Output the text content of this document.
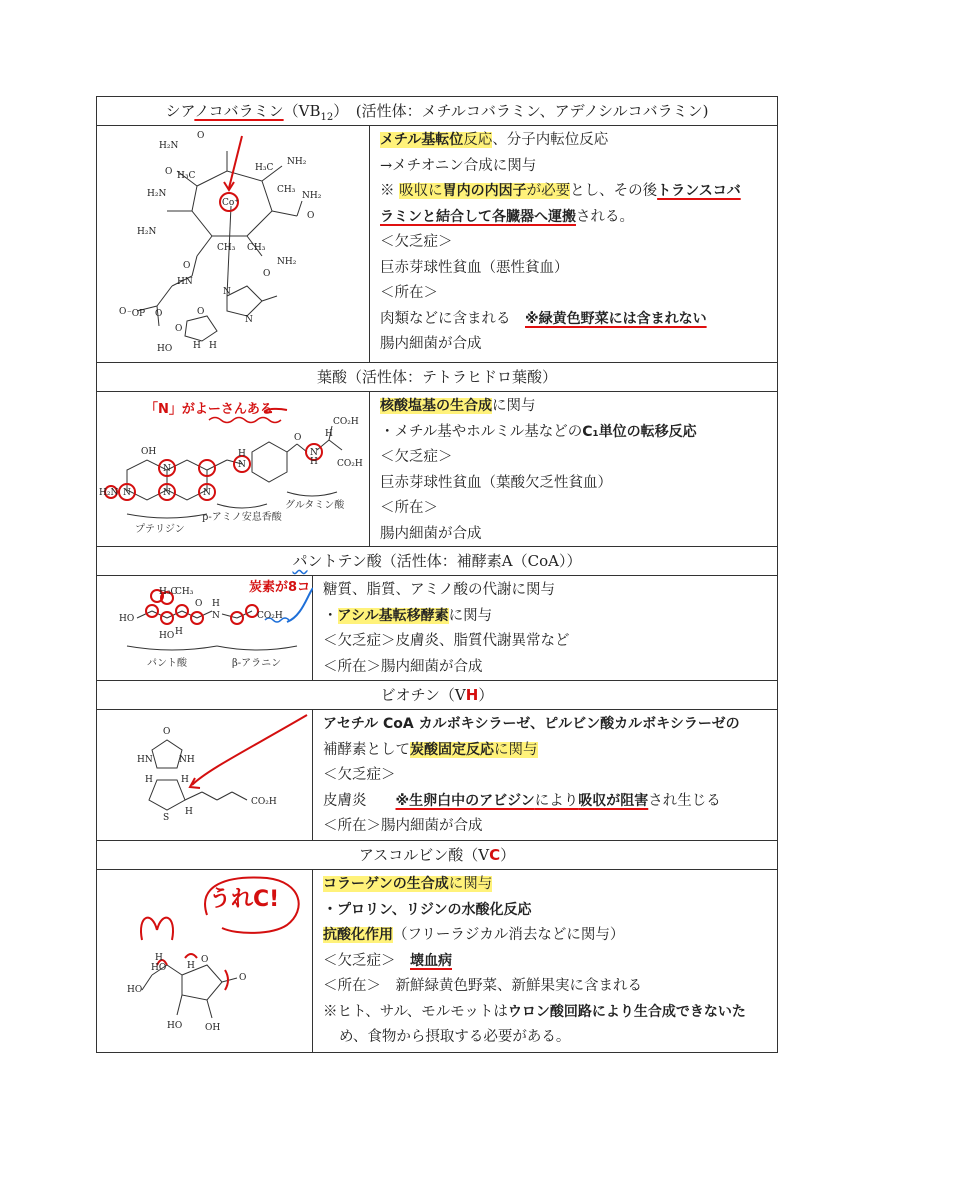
シアノコバラミン$(VB_{12})$　(活性体：メチルコバラミン、アデノシルコバラミン)
H₂N
O
NH₂
H₂N
O H₃C
H₃C
CH₃
Co⁺
NH₂
O
H₂N
CH₃ CH₃
NH₂
O
HN
O ⁻O P O
N
N
O
HO	H
H
O
O
メチル基転位反応、分子内転位反応
→メチオニン合成に関与
※ 吸収に胃内の内因子が必要とし、その後トランスコバ
ラミンと結合して各臓器へ運搬される。
＜欠乏症＞
巨赤芽球性貧血（悪性貧血）
＜所在＞
肉類などに含まれる　※緑黄色野菜には含まれない
腸内細菌が合成
葉酸（活性体：テトラヒドロ葉酸）
「N」がよーさんある
OH
N
N	N	N
H₂N
H
N
O
H
N
H
CO₂H
CO₂H
プテリジン
p-アミノ安息香酸
グルタミン酸
核酸塩基の生合成に関与
・メチル基やホルミル基などのC₁単位の転移反応
＜欠乏症＞
巨赤芽球性貧血（葉酸欠乏性貧血）
＜所在＞
腸内細菌が合成
パントテン酸（活性体：補酵素A（CoA））
炭素が8コ
HO
H₃C
CH₃
O H
N	CO₂H
HO H
パント酸	β-アラニン
糖質、脂質、アミノ酸の代謝に関与
・アシル基転移酵素に関与
＜欠乏症＞皮膚炎、脂質代謝異常など
＜所在＞腸内細菌が合成
ビオチン（VH）
O
HN	NH
H	H
S
H
CO₂H
アセチル CoA カルボキシラーゼ、ピルビン酸カルボキシラーゼの
補酵素として炭酸固定反応に関与
＜欠乏症＞
皮膚炎　　※生卵白中のアビジンにより吸収が阻害され生じる
＜所在＞腸内細菌が合成
アスコルビン酸（VC）
うれC!
H
HO
H
HO
O
O
HO	OH
コラーゲンの生合成に関与
・プロリン、リジンの水酸化反応
抗酸化作用（フリーラジカル消去などに関与）
＜欠乏症＞　壊血病
＜所在＞　新鮮緑黄色野菜、新鮮果実に含まれる
※ヒト、サル、モルモットはウロン酸回路により生合成できないた
め、食物から摂取する必要がある。
